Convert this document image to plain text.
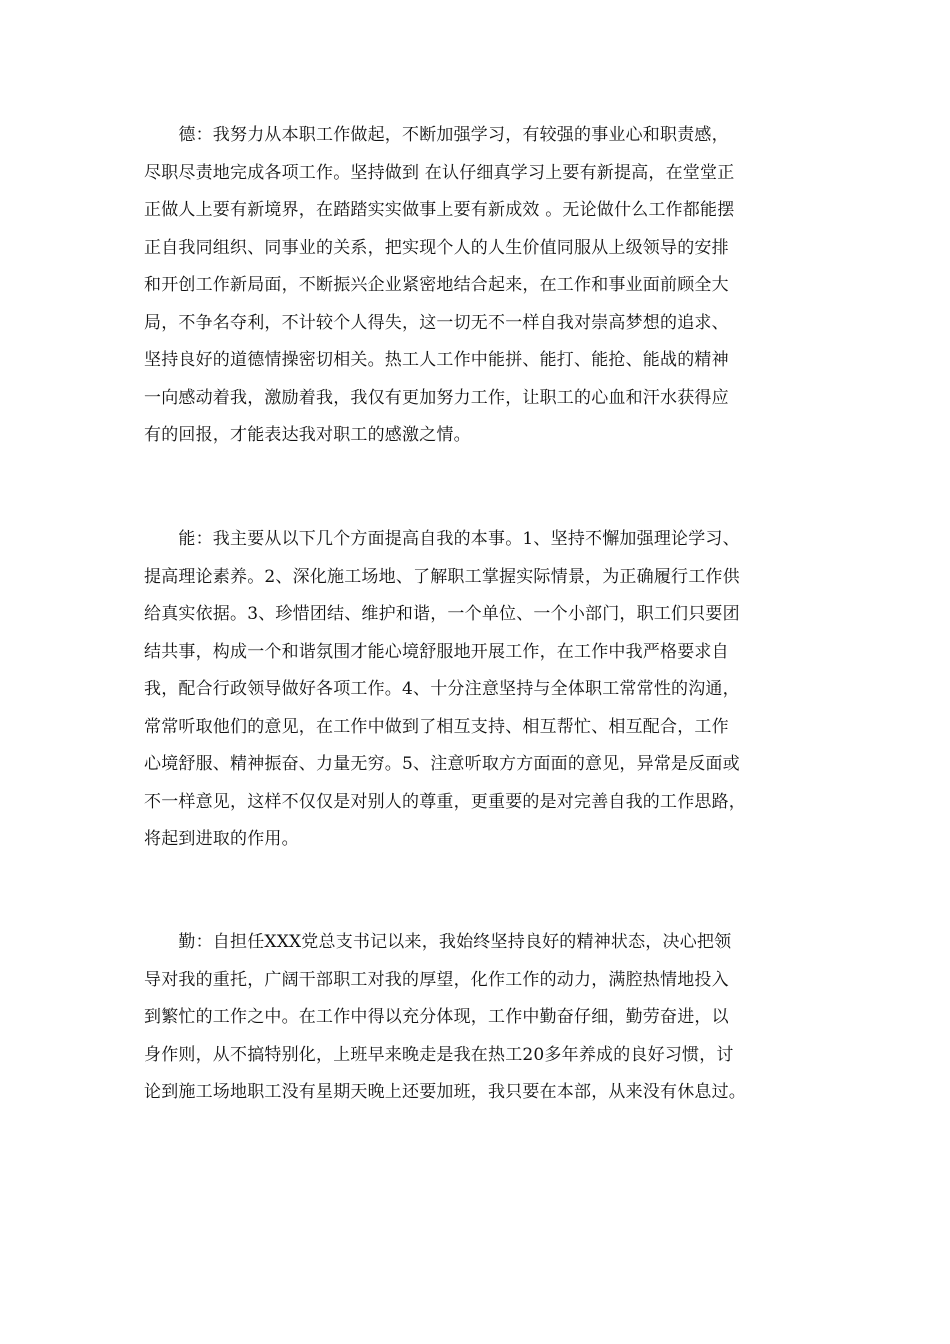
　　德：我努力从本职工作做起，不断加强学习，有较强的事业心和职责感，
尽职尽责地完成各项工作。坚持做到 在认仔细真学习上要有新提高，在堂堂正
正做人上要有新境界，在踏踏实实做事上要有新成效 。无论做什么工作都能摆
正自我同组织、同事业的关系，把实现个人的人生价值同服从上级领导的安排
和开创工作新局面，不断振兴企业紧密地结合起来，在工作和事业面前顾全大
局，不争名夺利，不计较个人得失，这一切无不一样自我对崇高梦想的追求、
坚持良好的道德情操密切相关。热工人工作中能拼、能打、能抢、能战的精神
一向感动着我，激励着我，我仅有更加努力工作，让职工的心血和汗水获得应
有的回报，才能表达我对职工的感激之情。
　　能：我主要从以下几个方面提高自我的本事。1、坚持不懈加强理论学习、
提高理论素养。2、深化施工场地、了解职工掌握实际情景，为正确履行工作供
给真实依据。3、珍惜团结、维护和谐，一个单位、一个小部门，职工们只要团
结共事，构成一个和谐氛围才能心境舒服地开展工作，在工作中我严格要求自
我，配合行政领导做好各项工作。4、十分注意坚持与全体职工常常性的沟通，
常常听取他们的意见，在工作中做到了相互支持、相互帮忙、相互配合，工作
心境舒服、精神振奋、力量无穷。5、注意听取方方面面的意见，异常是反面或
不一样意见，这样不仅仅是对别人的尊重，更重要的是对完善自我的工作思路，
将起到进取的作用。
　　勤：自担任XXX党总支书记以来，我始终坚持良好的精神状态，决心把领
导对我的重托，广阔干部职工对我的厚望，化作工作的动力，满腔热情地投入
到繁忙的工作之中。在工作中得以充分体现，工作中勤奋仔细，勤劳奋进，以
身作则，从不搞特别化，上班早来晚走是我在热工20多年养成的良好习惯，讨
论到施工场地职工没有星期天晚上还要加班，我只要在本部，从来没有休息过。
